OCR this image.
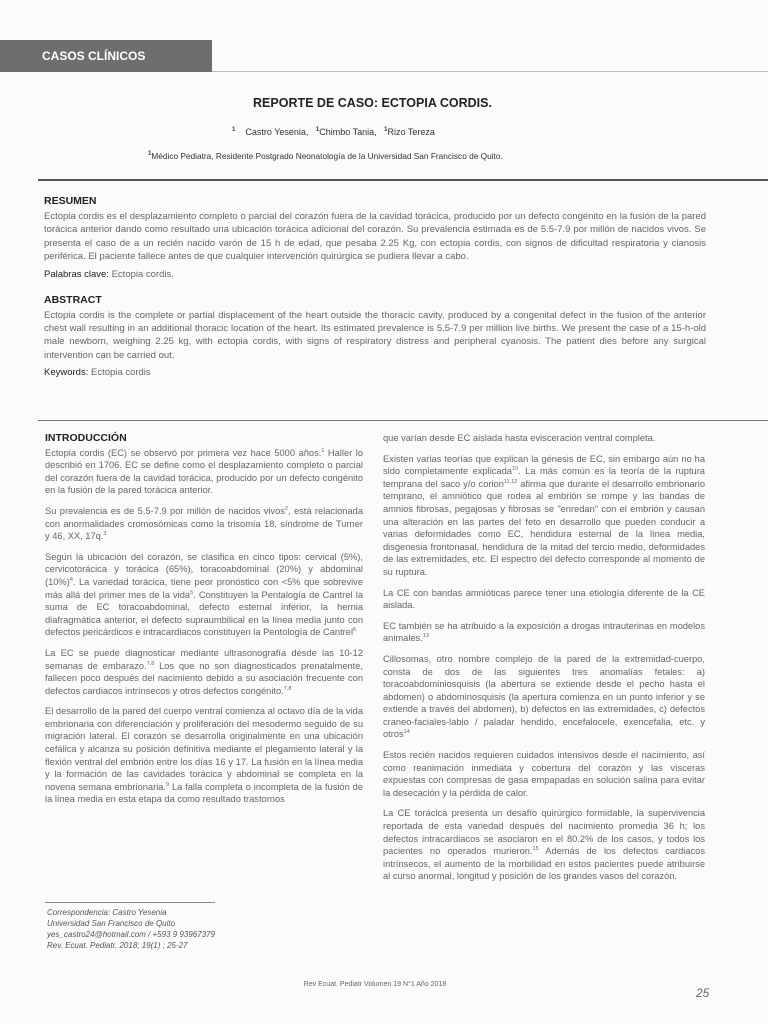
CASOS CLÍNICOS
REPORTE DE CASO: ECTOPIA CORDIS.
$^1$ Castro Yesenia, $^1$Chimbo Tania, $^1$Rizo Tereza
$^1$Médico Pediatra, Residente Postgrado Neonatología de la Universidad San Francisco de Quito.
RESUMEN

Ectopia cordis es el desplazamiento completo o parcial del corazón fuera de la cavidad torácica, producido por un defecto congénito en la fusión de la pared torácica anterior dando como resultado una ubicación torácica adicional del corazón. Su prevalencia estimada es de 5.5-7.9 por millón de nacidos vivos. Se presenta el caso de a un recién nacido varón de 15 h de edad, que pesaba 2.25 Kg, con ectopia cordis, con signos de dificultad respiratoria y cianosis periférica. El paciente fallece antes de que cualquier intervención quirúrgica se pudiera llevar a cabo.

Palabras clave: Ectopia cordis.

ABSTRACT

Ectopia cordis is the complete or partial displacement of the heart outside the thoracic cavity, produced by a congenital defect in the fusion of the anterior chest wall resulting in an additional thoracic location of the heart. Its estimated prevalence is 5.5-7.9 per million live births. We present the case of a 15-h-old male newborn, weighing 2.25 kg, with ectopia cordis, with signs of respiratory distress and peripheral cyanosis. The patient dies before any surgical intervention can be carried out.

Keywords: Ectopia cordis

INTRODUCCIÓN

Ectopia cordis (EC) se observó por primera vez hace 5000 años.$^1$ Haller lo describió en 1706. EC se define como el desplazamiento completo o parcial del corazón fuera de la cavidad torácica, producido por un defecto congénito en la fusión de la pared torácica anterior.

Su prevalencia es de 5.5-7.9 por millón de nacidos vivos$^2$, está relacionada con anormalidades cromosómicas como la trisomía 18, síndrome de Turner y 46, XX, 17q.$^3$

Según la ubicación del corazón, se clasifica en cinco tipos: cervical (5%), cervicotorácica y torácica (65%), toracoabdominal (20%) y abdominal $(10\%)^4$. La variedad torácica, tiene peor pronóstico con <5% que sobrevive más allá del primer mes de la vida$^5$. Constituyen la Pentalogía de Cantrel la suma de EC toracoabdominal, defecto esternal inferior, la hernia diafragmática anterior, el defecto supraumbilical en la línea media junto con defectos pericárdicos e intracardiacos constituyen la Pentología de Cantrel$^6$

La EC se puede diagnosticar mediante ultrasonografía desde las 10-12 semanas de embarazo.$^{7,8}$ Los que no son diagnosticados prenatalmente, fallecen poco después del nacimiento debido a su asociación frecuente con defectos cardiacos intrínsecos y otros defectos congénito.$^{7,8}$

El desarrollo de la pared del cuerpo ventral comienza al octavo día de la vida embrionaria con diferenciación y proliferación del mesodermo seguido de su migración lateral. El corazón se desarrolla originalmente en una ubicación cefálica y alcanza su posición definitiva mediante el plegamiento lateral y la flexión ventral del embrión entre los días 16 y 17. La fusión en la línea media y la formación de las cavidades torácica y abdominal se completa en la novena semana embrionaria.$^9$ La falla completa o incompleta de la fusión de la línea media en esta etapa da como resultado trastornos

que varían desde EC aislada hasta evisceración ventral completa.

Existen varias teorías que explican la génesis de EC, sin embargo aún no ha sido completamente explicada$^{10}$. La más común es la teoría de la ruptura temprana del saco y/o corion$^{11,12}$ afirma que durante el desarrollo embrionario temprano, el amniótico que rodea al embrión se rompe y las bandas de amnios fibrosas, pegajosas y fibrosas se "enredan" con el embrión y causan una alteración en las partes del feto en desarrollo que pueden conducir a varias deformidades como EC, hendidura esternal de la línea media, disgenesia frontonasal, hendidura de la mitad del tercio medio, deformidades de las extremidades, etc. El espectro del defecto corresponde al momento de su ruptura.

La CE con bandas amnióticas parece tener una etiología diferente de la CE aislada.

EC también se ha atribuido a la exposición a drogas intrauterinas en modelos animales.$^{13}$

Cillosomas, otro nombre complejo de la pared de la extremidad-cuerpo, consta de dos de las siguientes tres anomalías fetales: a) toracoabdominiosquisis (la abertura se extiende desde el pecho hasta el abdomen) o abdominosquisis (la apertura comienza en un punto inferior y se extiende a través del abdomen), b) defectos en las extremidades, c) defectos craneo-faciales-labio / paladar hendido, encefalocele, exencefalia, etc. y otros$^{14}$

Estos recién nacidos requieren cuidados intensivos desde el nacimiento, así como reanimación inmediata y cobertura del corazón y las vísceras expuestas con compresas de gasa empapadas en solución salina para evitar la desecación y la pérdida de calor.

La CE torácica presenta un desafío quirúrgico formidable, la supervivencia reportada de esta variedad después del nacimiento promedia 36 h; los defectos intracardiacos se asociaron en el 80.2% de los casos, y todos los pacientes no operados murieron.$^{15}$ Además de los defectos cardiacos intrínsecos, el aumento de la morbilidad en estos pacientes puede atribuirse al curso anormal, longitud y posición de los grandes vasos del corazón.

Correspondencia: Castro Yesenia
Universidad San Francisco de Quito
yes_castro24@hotmail.com / +593 9 93967379
Rev. Ecuat. Pediatr. 2018; 19(1) ; 25-27
Rev Ecuat. Pediatr Volumen 19 N°1 Año 2018
25
